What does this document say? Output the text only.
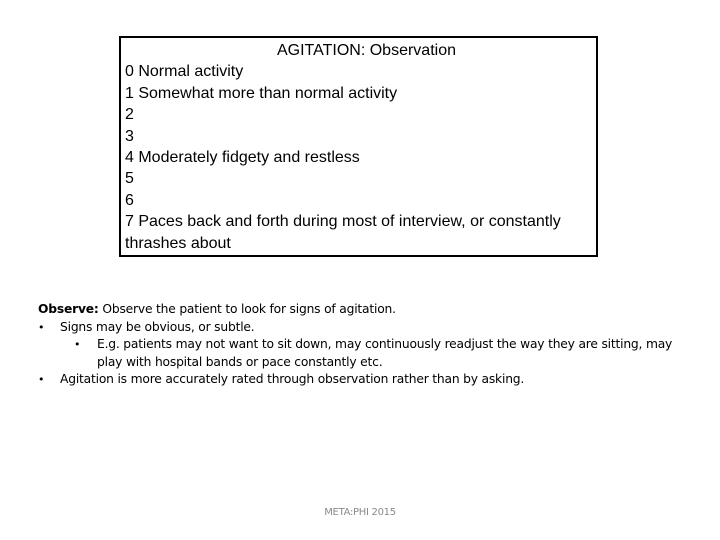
AGITATION: Observation
0 Normal activity
1 Somewhat more than normal activity
2
3
4 Moderately fidgety and restless
5
6
7 Paces back and forth during most of interview, or constantly thrashes about
Observe: Observe the patient to look for signs of agitation.
• Signs may be obvious, or subtle.
• E.g. patients may not want to sit down, may continuously readjust the way they are sitting, may play with hospital bands or pace constantly etc.
• Agitation is more accurately rated through observation rather than by asking.
META:PHI 2015
